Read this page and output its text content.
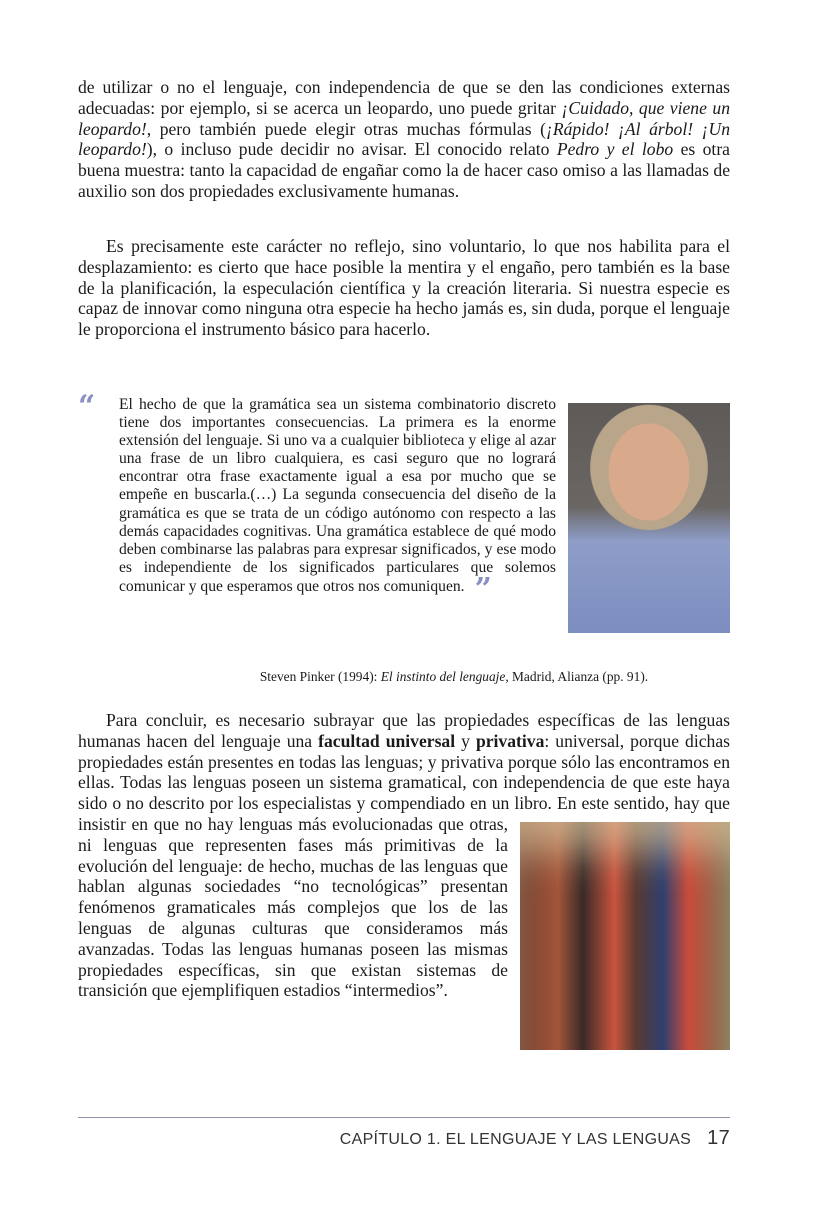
de utilizar o no el lenguaje, con independencia de que se den las condiciones externas adecuadas: por ejemplo, si se acerca un leopardo, uno puede gritar ¡Cuidado, que viene un leopardo!, pero también puede elegir otras muchas fórmulas (¡Rápido! ¡Al árbol! ¡Un leopardo!), o incluso pude decidir no avisar. El conocido relato Pedro y el lobo es otra buena muestra: tanto la capacidad de engañar como la de hacer caso omiso a las llamadas de auxilio son dos propiedades exclusivamente humanas.

Es precisamente este carácter no reflejo, sino voluntario, lo que nos habilita para el desplazamiento: es cierto que hace posible la mentira y el engaño, pero también es la base de la planificación, la especulación científica y la creación literaria. Si nuestra especie es capaz de innovar como ninguna otra especie ha hecho jamás es, sin duda, porque el lenguaje le proporciona el instrumento básico para hacerlo.

“ El hecho de que la gramática sea un sistema combinatorio discreto tiene dos importantes consecuencias. La primera es la enorme extensión del lenguaje. Si uno va a cualquier biblioteca y elige al azar una frase de un libro cualquiera, es casi seguro que no logrará encontrar otra frase exactamente igual a esa por mucho que se empeñe en buscarla.(…) La segunda consecuencia del diseño de la gramática es que se trata de un código autónomo con respecto a las demás capacidades cognitivas. Una gramática establece de qué modo deben combinarse las palabras para expresar significados, y ese modo es independiente de los significados particulares que solemos comunicar y que esperamos que otros nos comuniquen. ”

Steven Pinker (1994): El instinto del lenguaje, Madrid, Alianza (pp. 91).

Para concluir, es necesario subrayar que las propiedades específicas de las lenguas humanas hacen del lenguaje una facultad universal y privativa: universal, porque dichas propiedades están presentes en todas las lenguas; y privativa porque sólo las encontramos en ellas. Todas las lenguas poseen un sistema gramatical, con independencia de que este haya sido o no descrito por los especialistas y compendiado en un libro. En este sentido,
hay que insistir en que no hay lenguas más evolucionadas que otras, ni lenguas que representen fases más primitivas de la evolución del lenguaje: de hecho, muchas de las lenguas que hablan algunas sociedades “no tecnológicas” presentan fenómenos gramaticales más complejos que los de las lenguas de algunas culturas que consideramos más avanzadas. Todas las lenguas humanas poseen las mismas propiedades específicas, sin que existan sistemas de transición que ejemplifiquen estadios “intermedios”.

CAPÍTULO 1. EL LENGUAJE Y LAS LENGUAS 17
